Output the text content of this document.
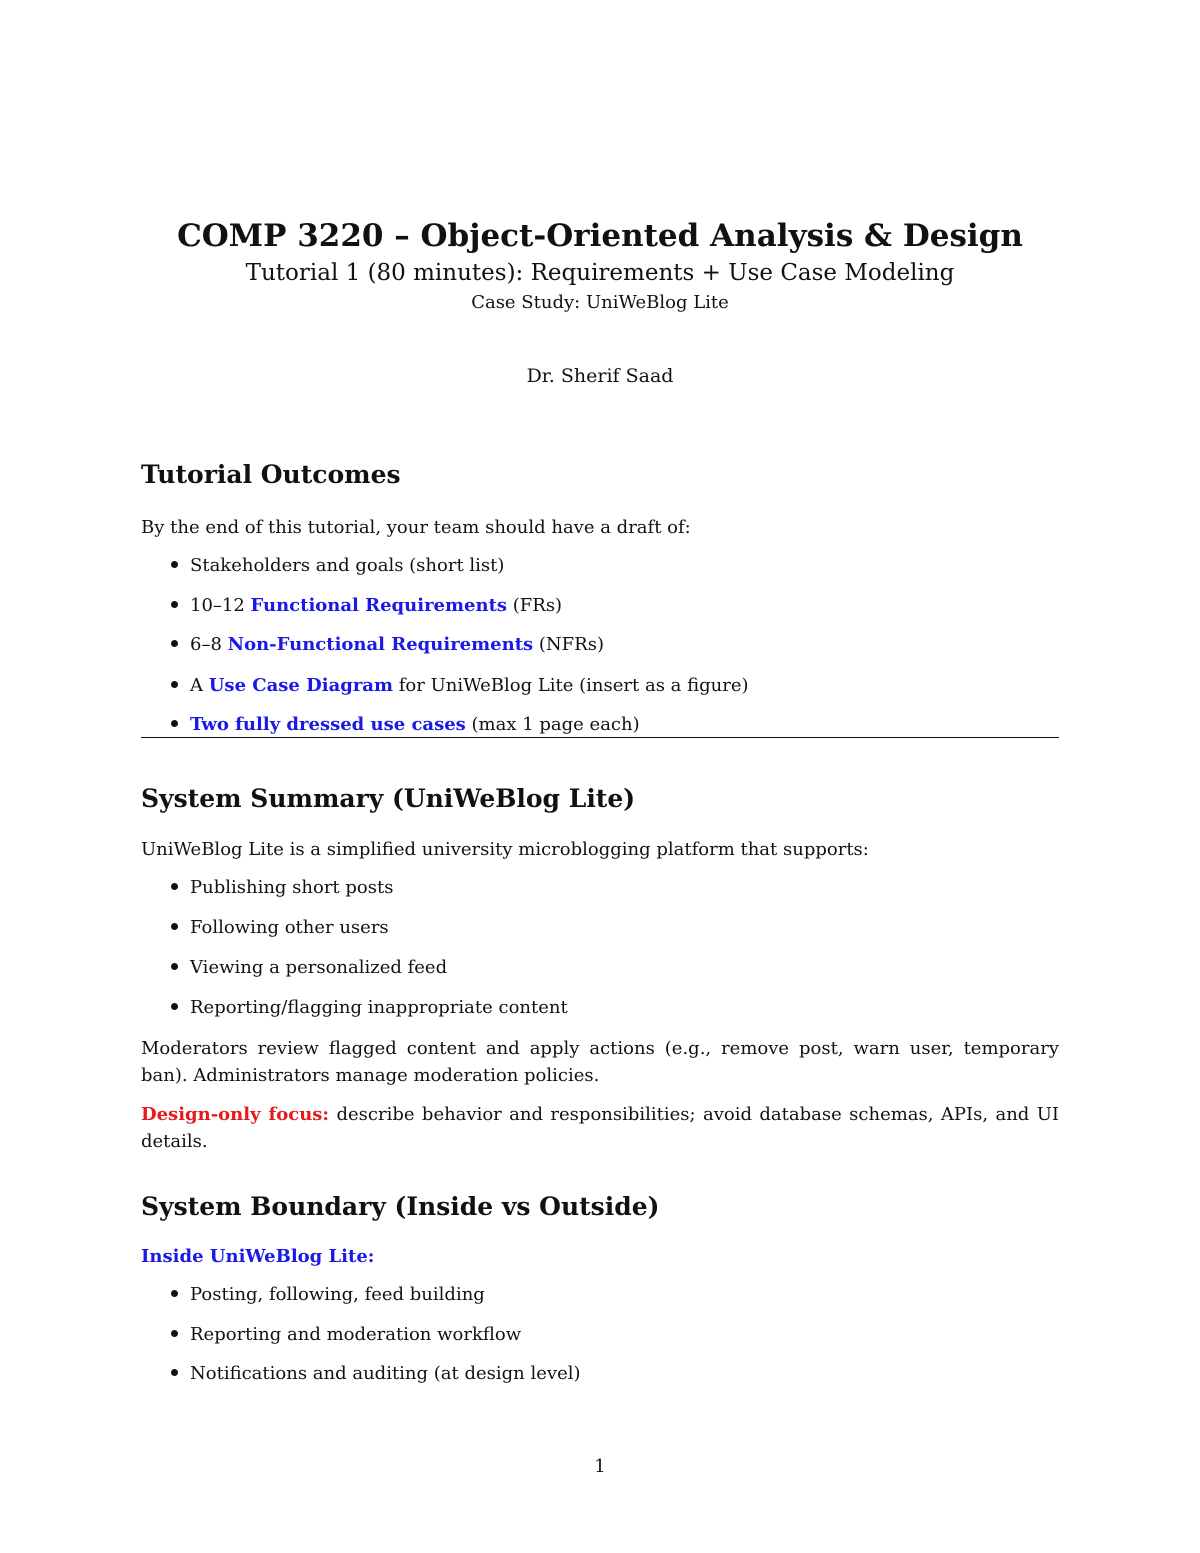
COMP 3220 – Object-Oriented Analysis & Design
Tutorial 1 (80 minutes): Requirements + Use Case Modeling
Case Study: UniWeBlog Lite
Dr. Sherif Saad
Tutorial Outcomes
By the end of this tutorial, your team should have a draft of:
Stakeholders and goals (short list)
10–12 Functional Requirements (FRs)
6–8 Non-Functional Requirements (NFRs)
A Use Case Diagram for UniWeBlog Lite (insert as a figure)
Two fully dressed use cases (max 1 page each)
System Summary (UniWeBlog Lite)
UniWeBlog Lite is a simplified university microblogging platform that supports:
Publishing short posts
Following other users
Viewing a personalized feed
Reporting/flagging inappropriate content
Moderators review flagged content and apply actions (e.g., remove post, warn user, temporary ban). Administrators manage moderation policies.
Design-only focus: describe behavior and responsibilities; avoid database schemas, APIs, and UI details.
System Boundary (Inside vs Outside)
Inside UniWeBlog Lite:
Posting, following, feed building
Reporting and moderation workflow
Notifications and auditing (at design level)
1
